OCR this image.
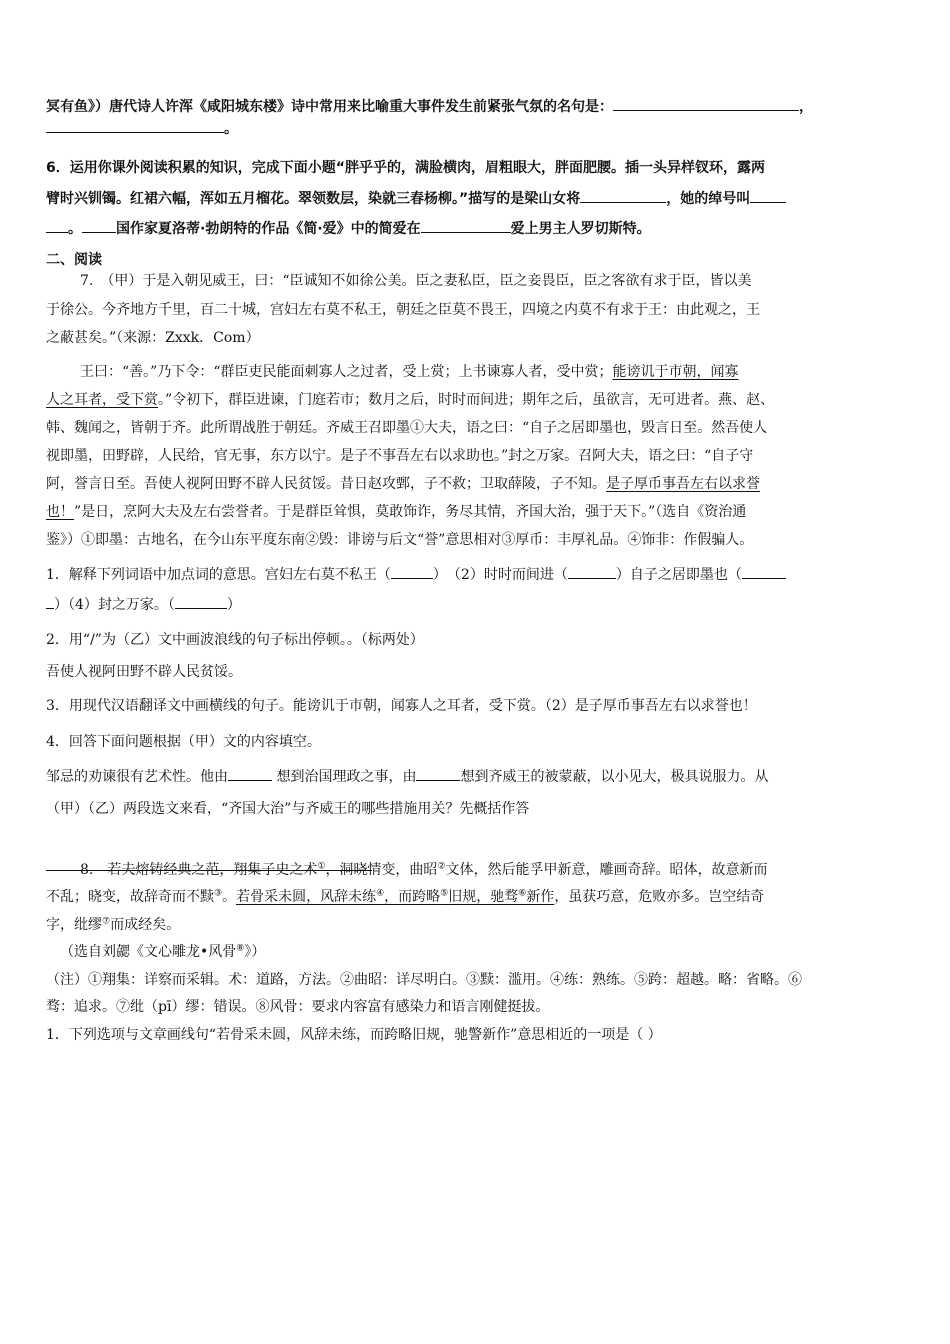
冥有鱼》）唐代诗人许浑《咸阳城东楼》诗中常用来比喻重大事件发生前紧张气氛的名句是：	，
。
6．运用你课外阅读积累的知识，完成下面小题“胖乎乎的，满脸横肉，眉粗眼大，胖面肥腰。插一头异样钗环，露两
臂时兴钏镯。红裙六幅，浑如五月榴花。翠领数层，染就三春杨柳。”描写的是梁山女将	，她的绰号叫
。 国作家夏洛蒂·勃朗特的作品《简·爱》中的简爱在	爱上男主人罗切斯特。
二、阅读
7.　（甲）于是入朝见威王，曰：“臣诚知不如徐公美。臣之妻私臣，臣之妾畏臣，臣之客欲有求于臣，皆以美
于徐公。今齐地方千里，百二十城，宫妇左右莫不私王，朝廷之臣莫不畏王，四境之内莫不有求于王：由此观之，王
之蔽甚矣。”（来源：Zxxk．Com）
王曰：“善。”乃下令：“群臣吏民能面刺寡人之过者，受上赏；上书谏寡人者，受中赏；能谤讥于市朝，闻寡
人之耳者，受下赏。”令初下，群臣进谏，门庭若市；数月之后，时时而间进；期年之后，虽欲言，无可进者。燕、赵、
韩、魏闻之，皆朝于齐。此所谓战胜于朝廷。齐威王召即墨①大夫，语之曰：“自子之居即墨也，毁言日至。然吾使人
视即墨，田野辟，人民给，官无事，东方以宁。是子不事吾左右以求助也。”封之万家。召阿大夫，语之曰：“自子守
阿，誉言日至。吾使人视阿田野不辟人民贫馁。昔日赵攻鄄，子不救；卫取薛陵，子不知。是子厚币事吾左右以求誉
也！”是日，烹阿大夫及左右尝誉者。于是群臣耸惧，莫敢饰诈，务尽其情，齐国大治，强于天下。”（选自《资治通
鉴》）①即墨：古地名，在今山东平度东南②毁：诽谤与后文“誉”意思相对③厚币：丰厚礼品。④饰非：作假骗人。
1．解释下列词语中加点词的意思。宫妇左右莫不私王（	）　（2）时时而间进（	）自子之居即墨也（
）（4）封之万家。（	）
2．用“/”为（乙）文中画波浪线的句子标出停顿。。（标两处）
吾使人视阿田野不辟人民贫馁。
3．用现代汉语翻译文中画横线的句子。能谤讥于市朝，闻寡人之耳者，受下赏。（2）是子厚币事吾左右以求誉也！
4．回答下面问题根据（甲）文的内容填空。
邹忌的劝谏很有艺术性。他由	想到治国理政之事，由	想到齐威王的被蒙蔽，以小见大，极具说服力。从
（甲）（乙）两段选文来看，“齐国大治”与齐威王的哪些措施用关？先概括作答
8.　若夫熔铸经典之范，翔集子史之术①，洞晓情变，曲昭②文体，然后能孚甲新意，雕画奇辞。昭体，故意新而
不乱；晓变，故辞奇而不黩③。若骨采未圆，风辞未练④，而跨略⑤旧规，驰骛⑥新作，虽获巧意，危败亦多。岂空结奇
字，纰缪⑦而成经矣。
（选自刘勰《文心雕龙•风骨⑧》）
（注）①翔集：详察而采辑。术：道路，方法。②曲昭：详尽明白。③黩：滥用。④练：熟练。⑤跨：超越。略：省略。⑥
骛：追求。⑦纰（pī）缪：错误。⑧风骨：要求内容富有感染力和语言刚健挺拔。
1．下列选项与文章画线句“若骨采未圆，风辞未练，而跨略旧规，驰警新作”意思相近的一项是（ ）
